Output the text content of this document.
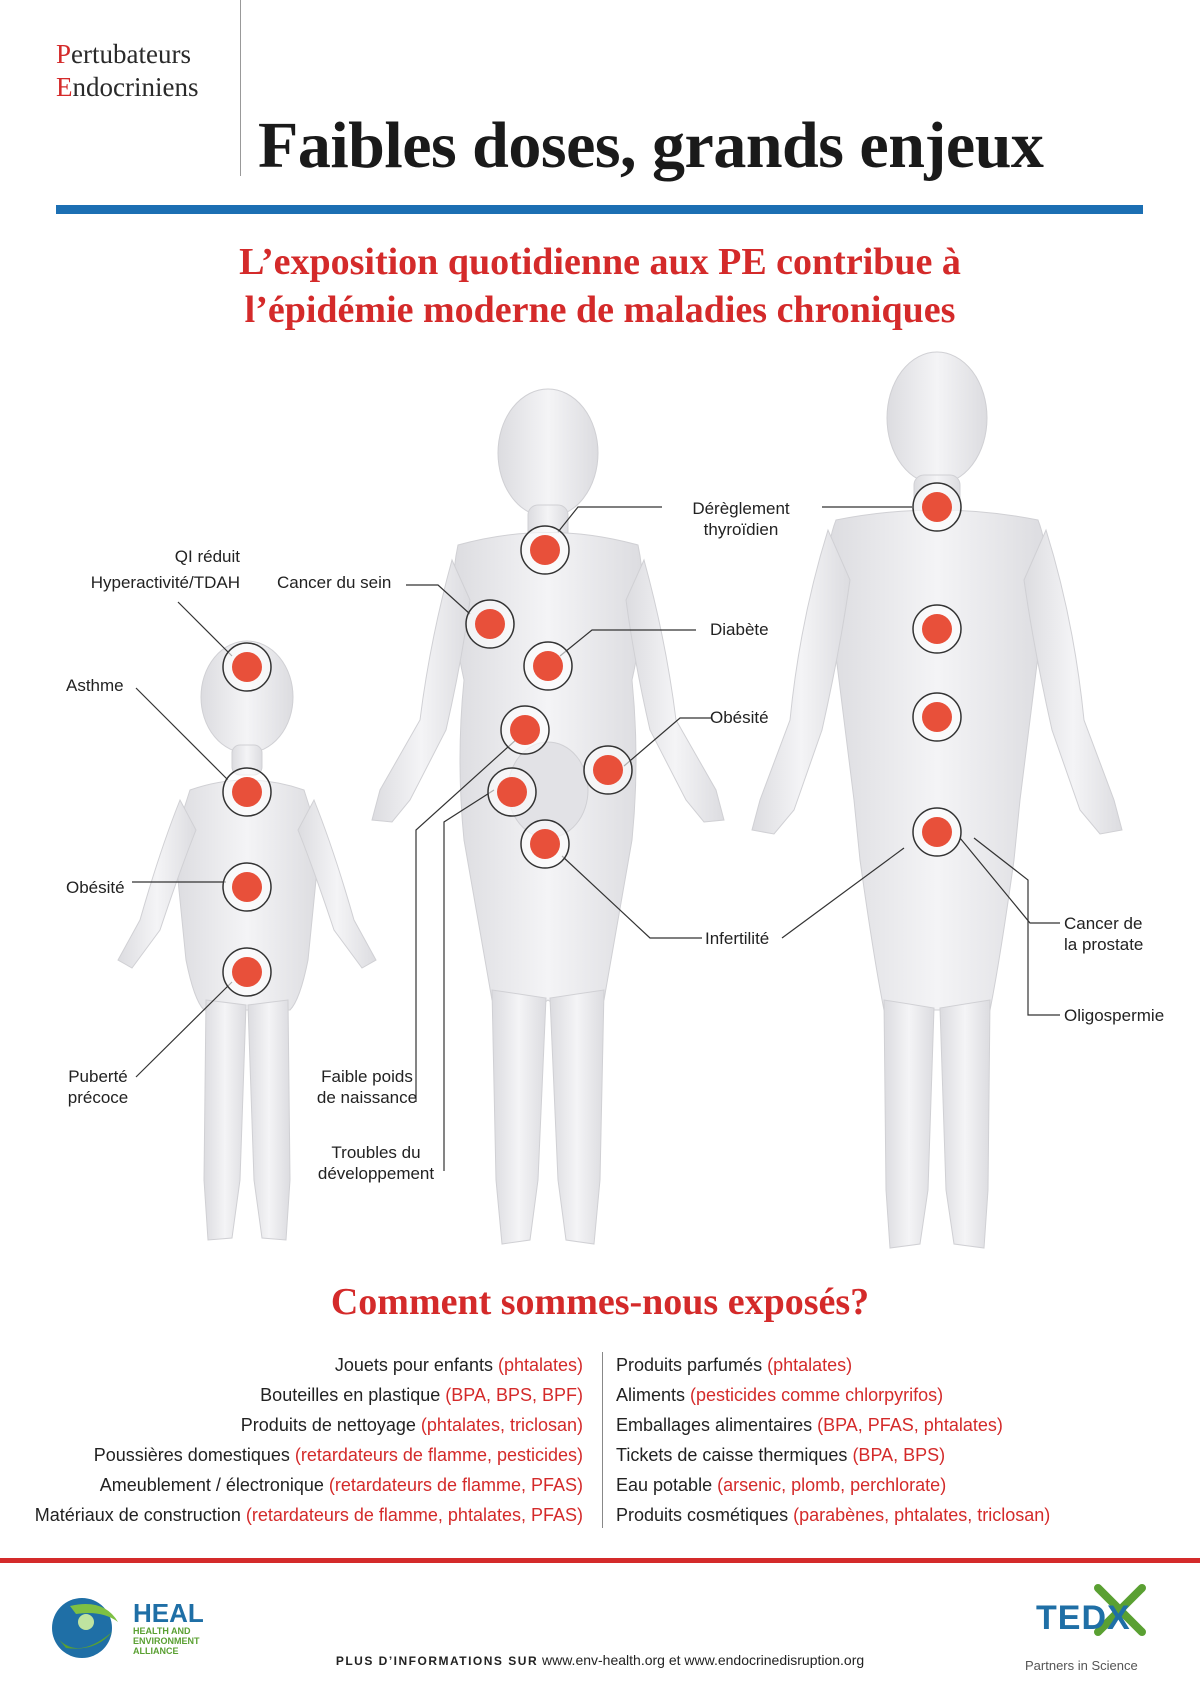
Pertubateurs
Endocriniens
Faibles doses, grands enjeux
L’exposition quotidienne aux PE contribue à
l’épidémie moderne de maladies chroniques
QI réduit
Hyperactivité/TDAH
Asthme
Obésité
Puberté
précoce
Cancer du sein
Faible poids
de naissance
Troubles du
développement
Dérèglement
thyroïdien
Diabète
Obésité
Infertilité
Cancer de
la prostate
Oligospermie
Comment sommes-nous exposés?
Jouets pour enfants (phtalates)
Bouteilles en plastique (BPA, BPS, BPF)
Produits de nettoyage (phtalates, triclosan)
Poussières domestiques (retardateurs de flamme, pesticides)
Ameublement / électronique (retardateurs de flamme, PFAS)
Matériaux de construction (retardateurs de flamme, phtalates, PFAS)
Produits parfumés (phtalates)
Aliments (pesticides comme chlorpyrifos)
Emballages alimentaires (BPA, PFAS, phtalates)
Tickets de caisse thermiques (BPA, BPS)
Eau potable (arsenic, plomb, perchlorate)
Produits cosmétiques (parabènes, phtalates, triclosan)
HEAL
HEALTH AND
ENVIRONMENT
ALLIANCE
PLUS D’INFORMATIONS SUR www.env-health.org et www.endocrinedisruption.org
TEDX
Partners in Science
